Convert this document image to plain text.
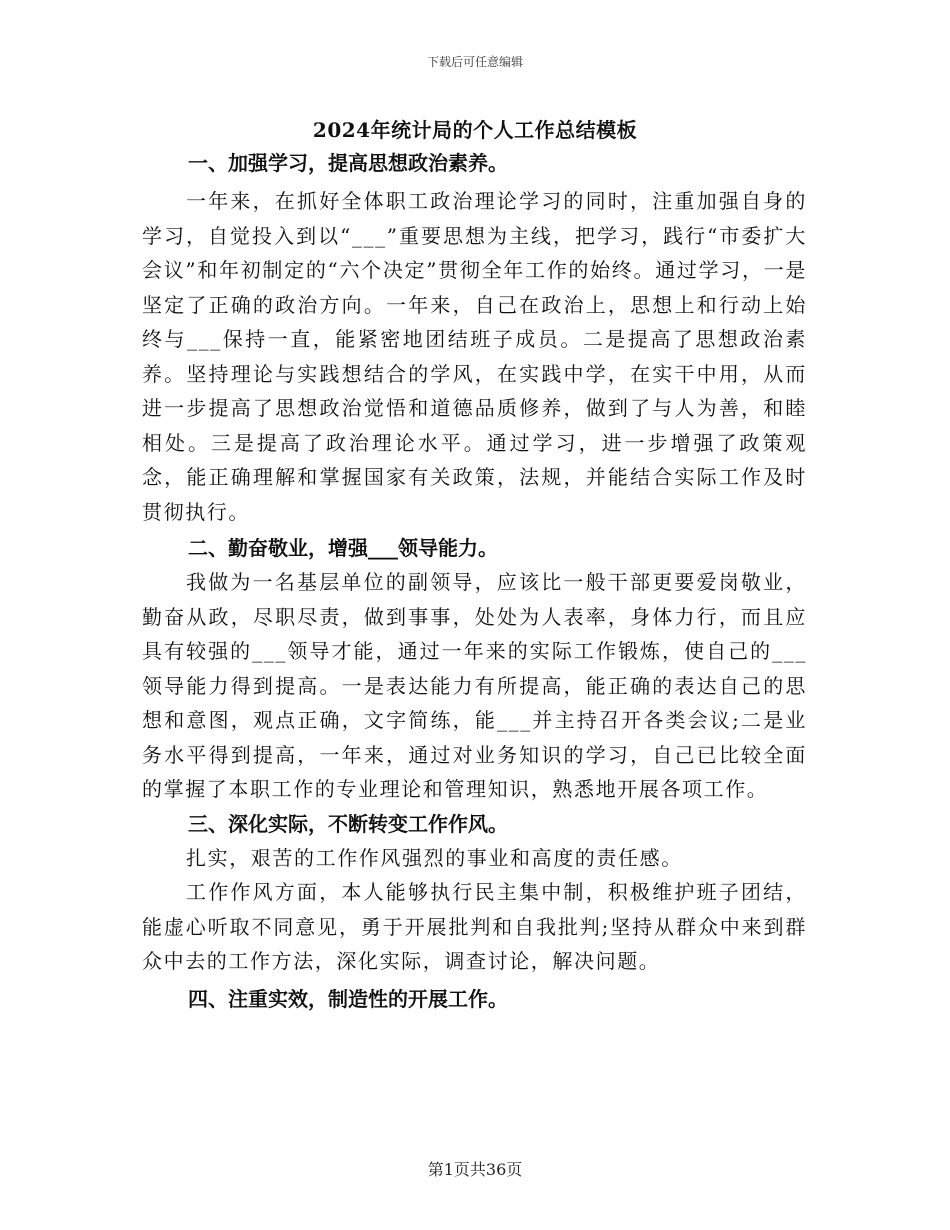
下载后可任意编辑
2024年统计局的个人工作总结模板

一、加强学习，提高思想政治素养。

一年来，在抓好全体职工政治理论学习的同时，注重加强自身的学习，自觉投入到以“___”重要思想为主线，把学习，践行“市委扩大会议”和年初制定的“六个决定”贯彻全年工作的始终。通过学习，一是坚定了正确的政治方向。一年来，自己在政治上，思想上和行动上始终与___保持一直，能紧密地团结班子成员。二是提高了思想政治素养。坚持理论与实践想结合的学风，在实践中学，在实干中用，从而进一步提高了思想政治觉悟和道德品质修养，做到了与人为善，和睦相处。三是提高了政治理论水平。通过学习，进一步增强了政策观念，能正确理解和掌握国家有关政策，法规，并能结合实际工作及时贯彻执行。

二、勤奋敬业，增强___领导能力。

我做为一名基层单位的副领导，应该比一般干部更要爱岗敬业，勤奋从政，尽职尽责，做到事事，处处为人表率，身体力行，而且应具有较强的___领导才能，通过一年来的实际工作锻炼，使自己的___领导能力得到提高。一是表达能力有所提高，能正确的表达自己的思想和意图，观点正确，文字简练，能___并主持召开各类会议;二是业务水平得到提高，一年来，通过对业务知识的学习，自己已比较全面的掌握了本职工作的专业理论和管理知识，熟悉地开展各项工作。

三、深化实际，不断转变工作作风。

扎实，艰苦的工作作风强烈的事业和高度的责任感。

工作作风方面，本人能够执行民主集中制，积极维护班子团结，能虚心听取不同意见，勇于开展批判和自我批判;坚持从群众中来到群众中去的工作方法，深化实际，调查讨论，解决问题。

四、注重实效，制造性的开展工作。

第1页共36页
